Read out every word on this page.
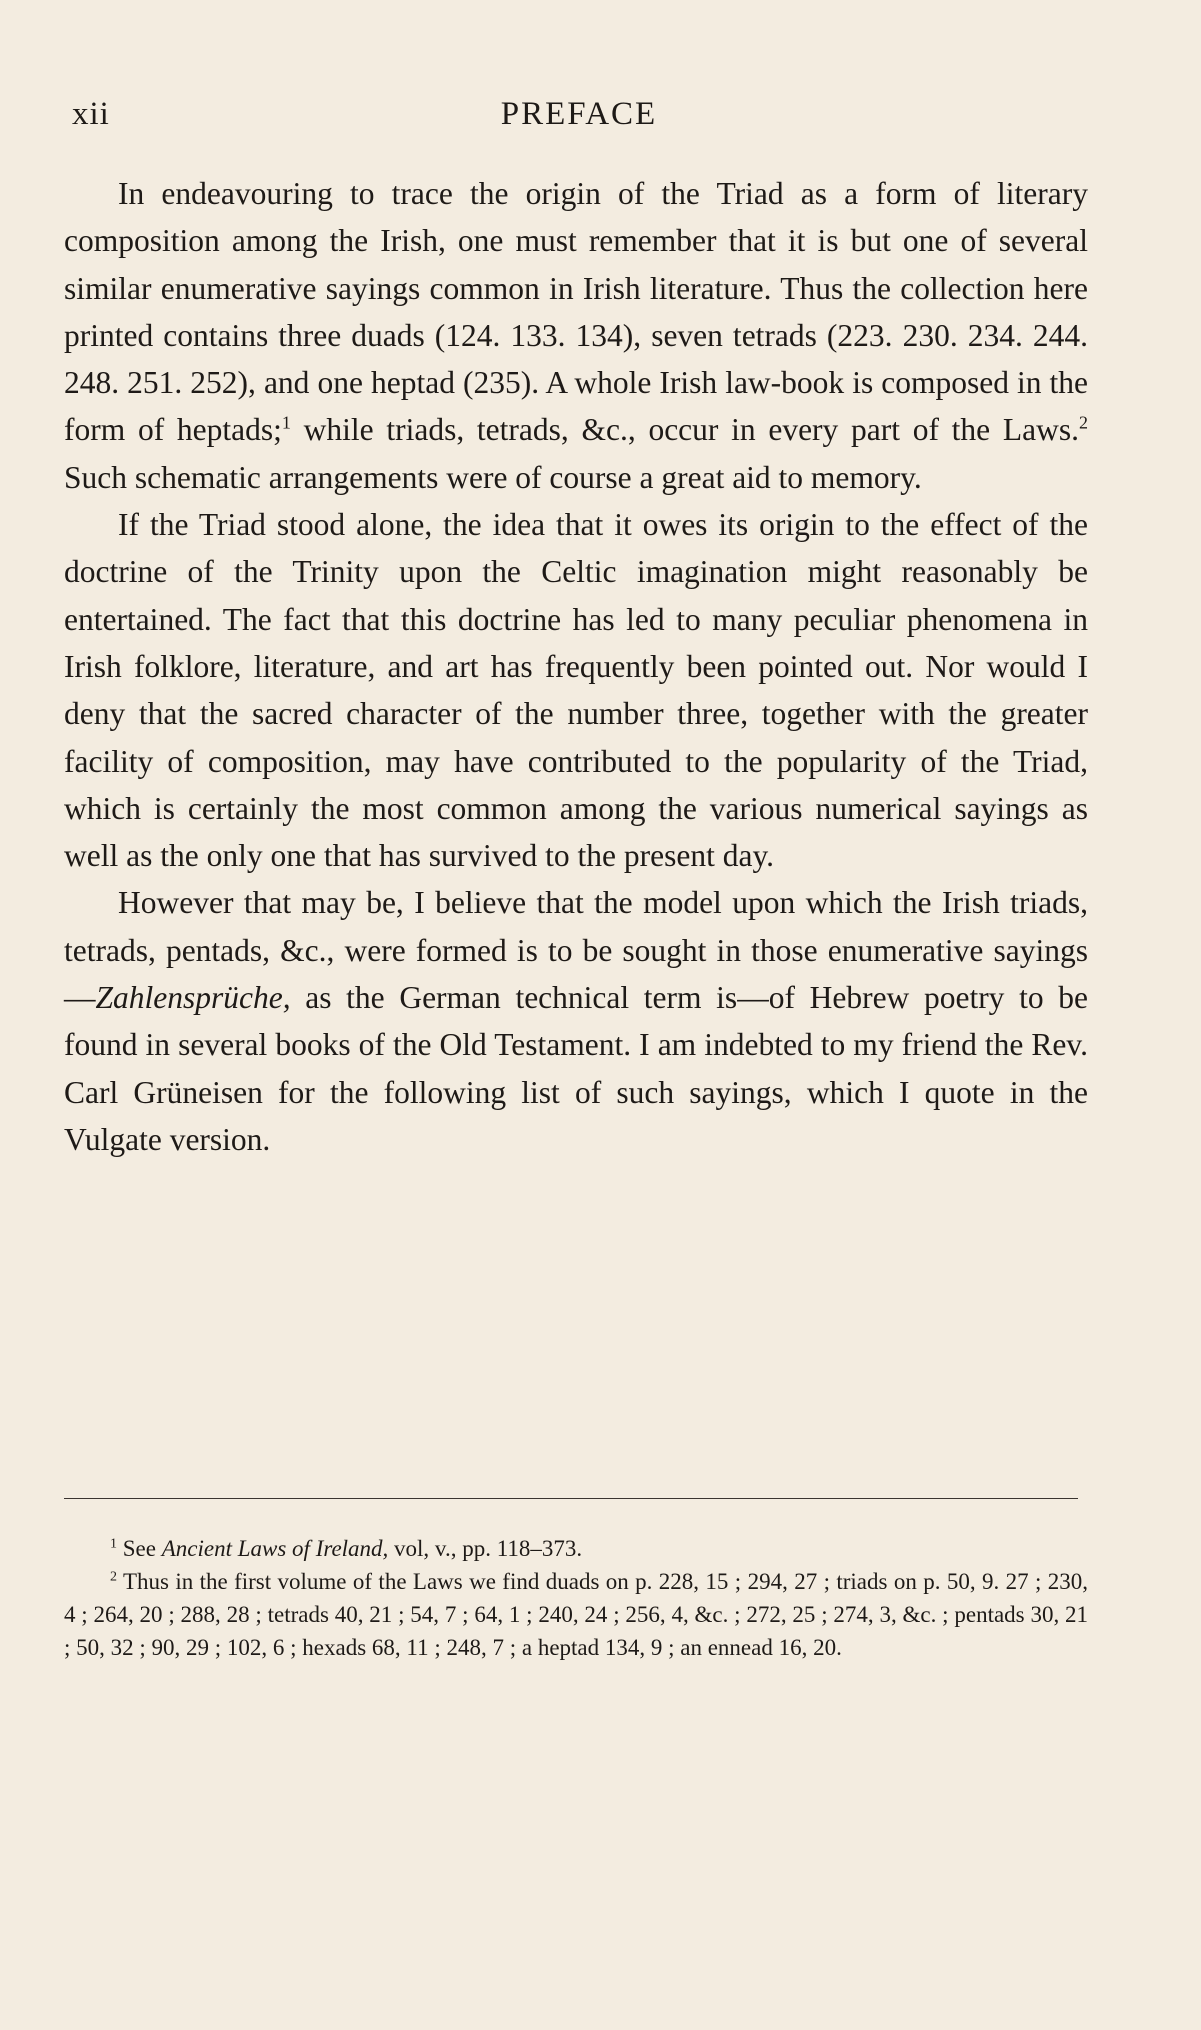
xii	PREFACE

In endeavouring to trace the origin of the Triad as a form of literary composition among the Irish, one must remember that it is but one of several similar enumerative sayings common in Irish literature. Thus the collection here printed contains three duads (124. 133. 134), seven tetrads (223. 230. 234. 244. 248. 251. 252), and one heptad (235). A whole Irish law-book is composed in the form of heptads;$^1$ while triads, tetrads, &c., occur in every part of the Laws.$^2$ Such schematic arrangements were of course a great aid to memory.

If the Triad stood alone, the idea that it owes its origin to the effect of the doctrine of the Trinity upon the Celtic imagination might reasonably be entertained. The fact that this doctrine has led to many peculiar phenomena in Irish folklore, literature, and art has frequently been pointed out. Nor would I deny that the sacred character of the number three, together with the greater facility of composition, may have contributed to the popularity of the Triad, which is certainly the most common among the various numerical sayings as well as the only one that has survived to the present day.

However that may be, I believe that the model upon which the Irish triads, tetrads, pentads, &c., were formed is to be sought in those enumerative sayings—Zahlensprüche, as the German technical term is—of Hebrew poetry to be found in several books of the Old Testament. I am indebted to my friend the Rev. Carl Grüneisen for the following list of such sayings, which I quote in the Vulgate version.

$^1$ See Ancient Laws of Ireland, vol, v., pp. 118–373.

$^2$ Thus in the first volume of the Laws we find duads on p. 228, 15 ; 294, 27 ; triads on p. 50, 9. 27 ; 230, 4 ; 264, 20 ; 288, 28 ; tetrads 40, 21 ; 54, 7 ; 64, 1 ; 240, 24 ; 256, 4, &c. ; 272, 25 ; 274, 3, &c. ; pentads 30, 21 ; 50, 32 ; 90, 29 ; 102, 6 ; hexads 68, 11 ; 248, 7 ; a heptad 134, 9 ; an ennead 16, 20.
